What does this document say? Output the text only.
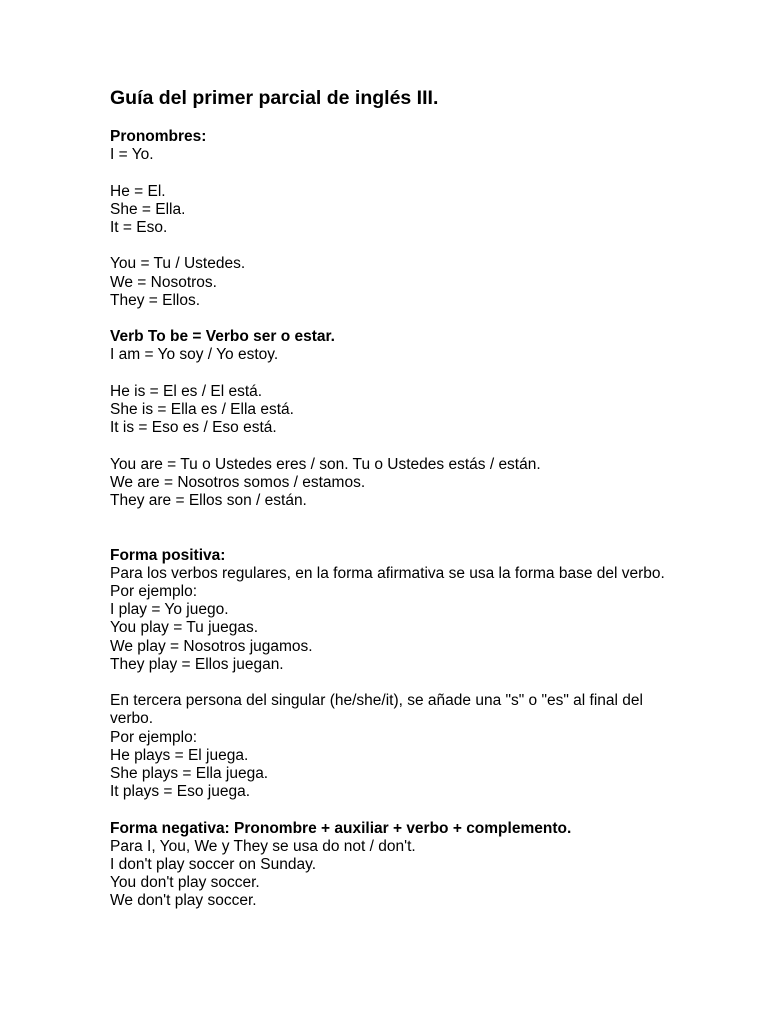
Guía del primer parcial de inglés III.
Pronombres:
I = Yo.
He = El.
She = Ella.
It = Eso.
You = Tu / Ustedes.
We = Nosotros.
They = Ellos.
Verb To be = Verbo ser o estar.
I am = Yo soy / Yo estoy.
He is = El es / El está.
She is = Ella es / Ella está.
It is = Eso es / Eso está.
You are = Tu o Ustedes eres / son. Tu o Ustedes estás / están.
We are = Nosotros somos / estamos.
They are = Ellos son / están.
Forma positiva:
Para los verbos regulares, en la forma afirmativa se usa la forma base del verbo.
Por ejemplo:
I play = Yo juego.
You play = Tu juegas.
We play = Nosotros jugamos.
They play = Ellos juegan.
En tercera persona del singular (he/she/it), se añade una "s" o "es" al final del verbo.
Por ejemplo:
He plays = El juega.
She plays = Ella juega.
It plays = Eso juega.
Forma negativa: Pronombre + auxiliar + verbo + complemento.
Para I, You, We y They se usa do not / don't.
I don't play soccer on Sunday.
You don't play soccer.
We don't play soccer.
